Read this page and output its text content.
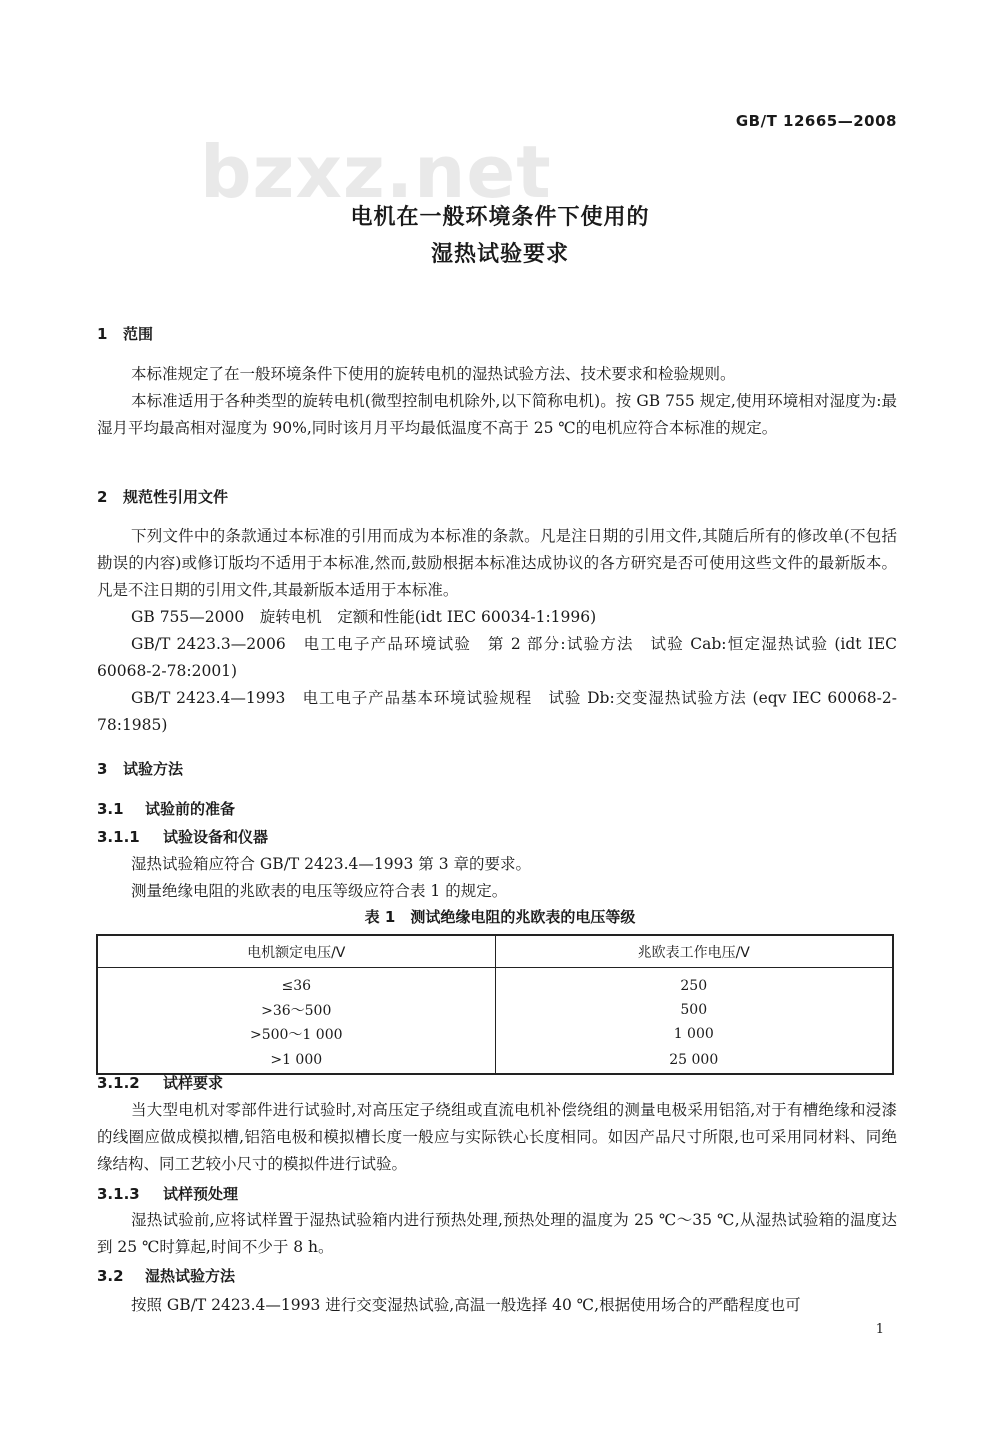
GB/T 12665—2008
bzxz.net
电机在一般环境条件下使用的
湿热试验要求
1 范围
本标准规定了在一般环境条件下使用的旋转电机的湿热试验方法、技术要求和检验规则。
本标准适用于各种类型的旋转电机(微型控制电机除外,以下简称电机)。按 GB 755 规定,使用环境相对湿度为:最湿月平均最高相对湿度为 90%,同时该月月平均最低温度不高于 25 ℃的电机应符合本标准的规定。
2 规范性引用文件
下列文件中的条款通过本标准的引用而成为本标准的条款。凡是注日期的引用文件,其随后所有的修改单(不包括勘误的内容)或修订版均不适用于本标准,然而,鼓励根据本标准达成协议的各方研究是否可使用这些文件的最新版本。凡是不注日期的引用文件,其最新版本适用于本标准。
GB 755—2000　旋转电机　定额和性能(idt IEC 60034-1:1996)
GB/T 2423.3—2006　电工电子产品环境试验　第 2 部分:试验方法　试验 Cab:恒定湿热试验 (idt IEC 60068-2-78:2001)
GB/T 2423.4—1993　电工电子产品基本环境试验规程　试验 Db:交变湿热试验方法 (eqv IEC 60068-2-78:1985)
3 试验方法
3.1 试验前的准备
3.1.1 试验设备和仪器
湿热试验箱应符合 GB/T 2423.4—1993 第 3 章的要求。
测量绝缘电阻的兆欧表的电压等级应符合表 1 的规定。
表 1　测试绝缘电阻的兆欧表的电压等级
电机额定电压/V	兆欧表工作电压/V
≤36	250
>36～500	500
>500～1 000	1 000
>1 000	25 000
3.1.2 试样要求
当大型电机对零部件进行试验时,对高压定子绕组或直流电机补偿绕组的测量电极采用铝箔,对于有槽绝缘和浸漆的线圈应做成模拟槽,铝箔电极和模拟槽长度一般应与实际铁心长度相同。如因产品尺寸所限,也可采用同材料、同绝缘结构、同工艺较小尺寸的模拟件进行试验。
3.1.3 试样预处理
湿热试验前,应将试样置于湿热试验箱内进行预热处理,预热处理的温度为 25 ℃～35 ℃,从湿热试验箱的温度达到 25 ℃时算起,时间不少于 8 h。
3.2 湿热试验方法
按照 GB/T 2423.4—1993 进行交变湿热试验,高温一般选择 40 ℃,根据使用场合的严酷程度也可
1
